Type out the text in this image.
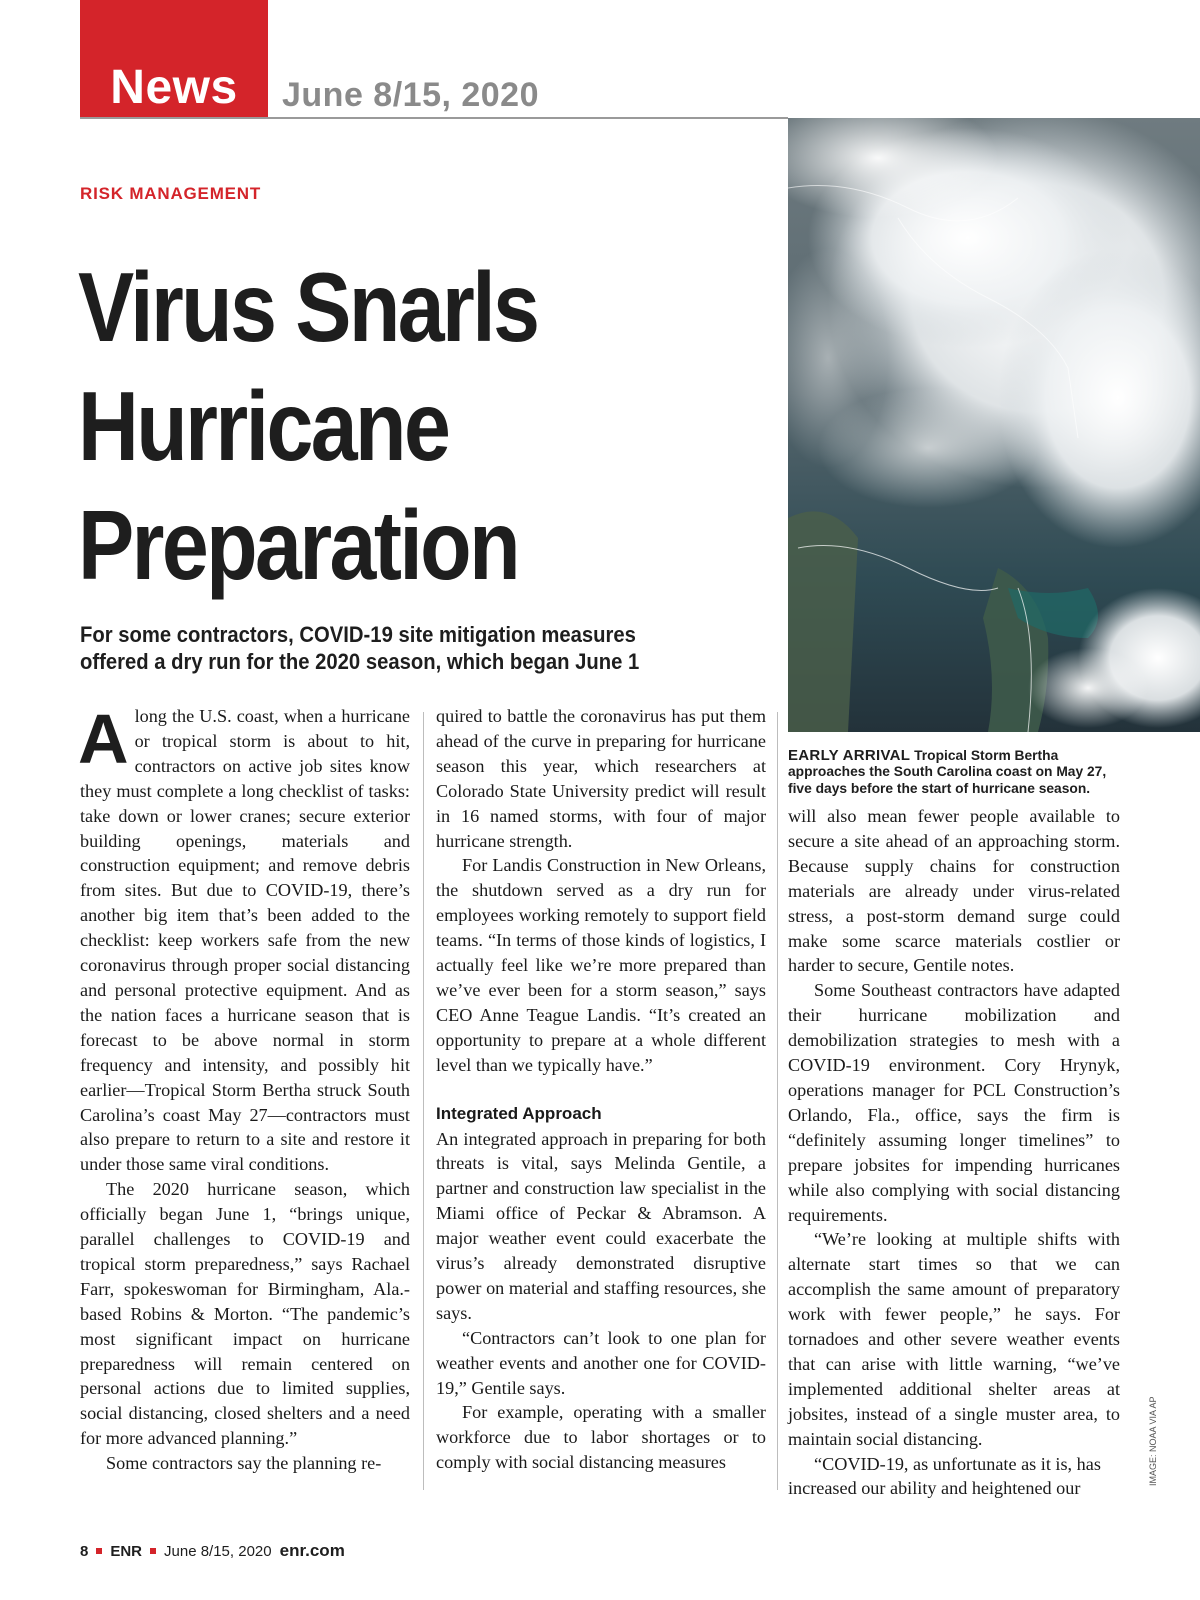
News	June 8/15, 2020
RISK MANAGEMENT
Virus Snarls
Hurricane
Preparation
For some contractors, COVID-19 site mitigation measures
offered a dry run for the 2020 season, which began June 1
EARLY ARRIVAL Tropical Storm Bertha approaches the South Carolina coast on May 27, five days before the start of hurricane season.

Along the U.S. coast, when a hurricane or tropical storm is about to hit, contractors on active job sites know they must complete a long checklist of tasks: take down or lower cranes; secure exterior building openings, materials and construction equipment; and remove debris from sites. But due to COVID-19, there’s another big item that’s been added to the checklist: keep workers safe from the new coronavirus through proper social distancing and personal protective equipment. And as the nation faces a hurricane season that is forecast to be above normal in storm frequency and intensity, and possibly hit earlier—Tropical Storm Bertha struck South Carolina’s coast May 27—contractors must also prepare to return to a site and restore it under those same viral conditions.

The 2020 hurricane season, which officially began June 1, “brings unique, parallel challenges to COVID-19 and tropical storm preparedness,” says Rachael Farr, spokeswoman for Birmingham, Ala.-based Robins & Morton. “The pandemic’s most significant impact on hurricane preparedness will remain centered on personal actions due to limited supplies, social distancing, closed shelters and a need for more advanced planning.”

Some contractors say the planning re-

quired to battle the coronavirus has put them ahead of the curve in preparing for hurricane season this year, which researchers at Colorado State University predict will result in 16 named storms, with four of major hurricane strength.

For Landis Construction in New Orleans, the shutdown served as a dry run for employees working remotely to support field teams. “In terms of those kinds of logistics, I actually feel like we’re more prepared than we’ve ever been for a storm season,” says CEO Anne Teague Landis. “It’s created an opportunity to prepare at a whole different level than we typically have.”

Integrated Approach

An integrated approach in preparing for both threats is vital, says Melinda Gentile, a partner and construction law specialist in the Miami office of Peckar & Abramson. A major weather event could exacerbate the virus’s already demonstrated disruptive power on material and staffing resources, she says.

“Contractors can’t look to one plan for weather events and another one for COVID-19,” Gentile says.

For example, operating with a smaller workforce due to labor shortages or to comply with social distancing measures

will also mean fewer people available to secure a site ahead of an approaching storm. Because supply chains for construction materials are already under virus-related stress, a post-storm demand surge could make some scarce materials costlier or harder to secure, Gentile notes.

Some Southeast contractors have adapted their hurricane mobilization and demobilization strategies to mesh with a COVID-19 environment. Cory Hrynyk, operations manager for PCL Construction’s Orlando, Fla., office, says the firm is “definitely assuming longer timelines” to prepare jobsites for impending hurricanes while also complying with social distancing requirements.

“We’re looking at multiple shifts with alternate start times so that we can accomplish the same amount of preparatory work with fewer people,” he says. For tornadoes and other severe weather events that can arise with little warning, “we’ve implemented additional shelter areas at jobsites, instead of a single muster area, to maintain social distancing.

“COVID-19, as unfortunate as it is, has increased our ability and heightened our

IMAGE: NOAA VIA AP
8 ENR June 8/15, 2020 enr.com
